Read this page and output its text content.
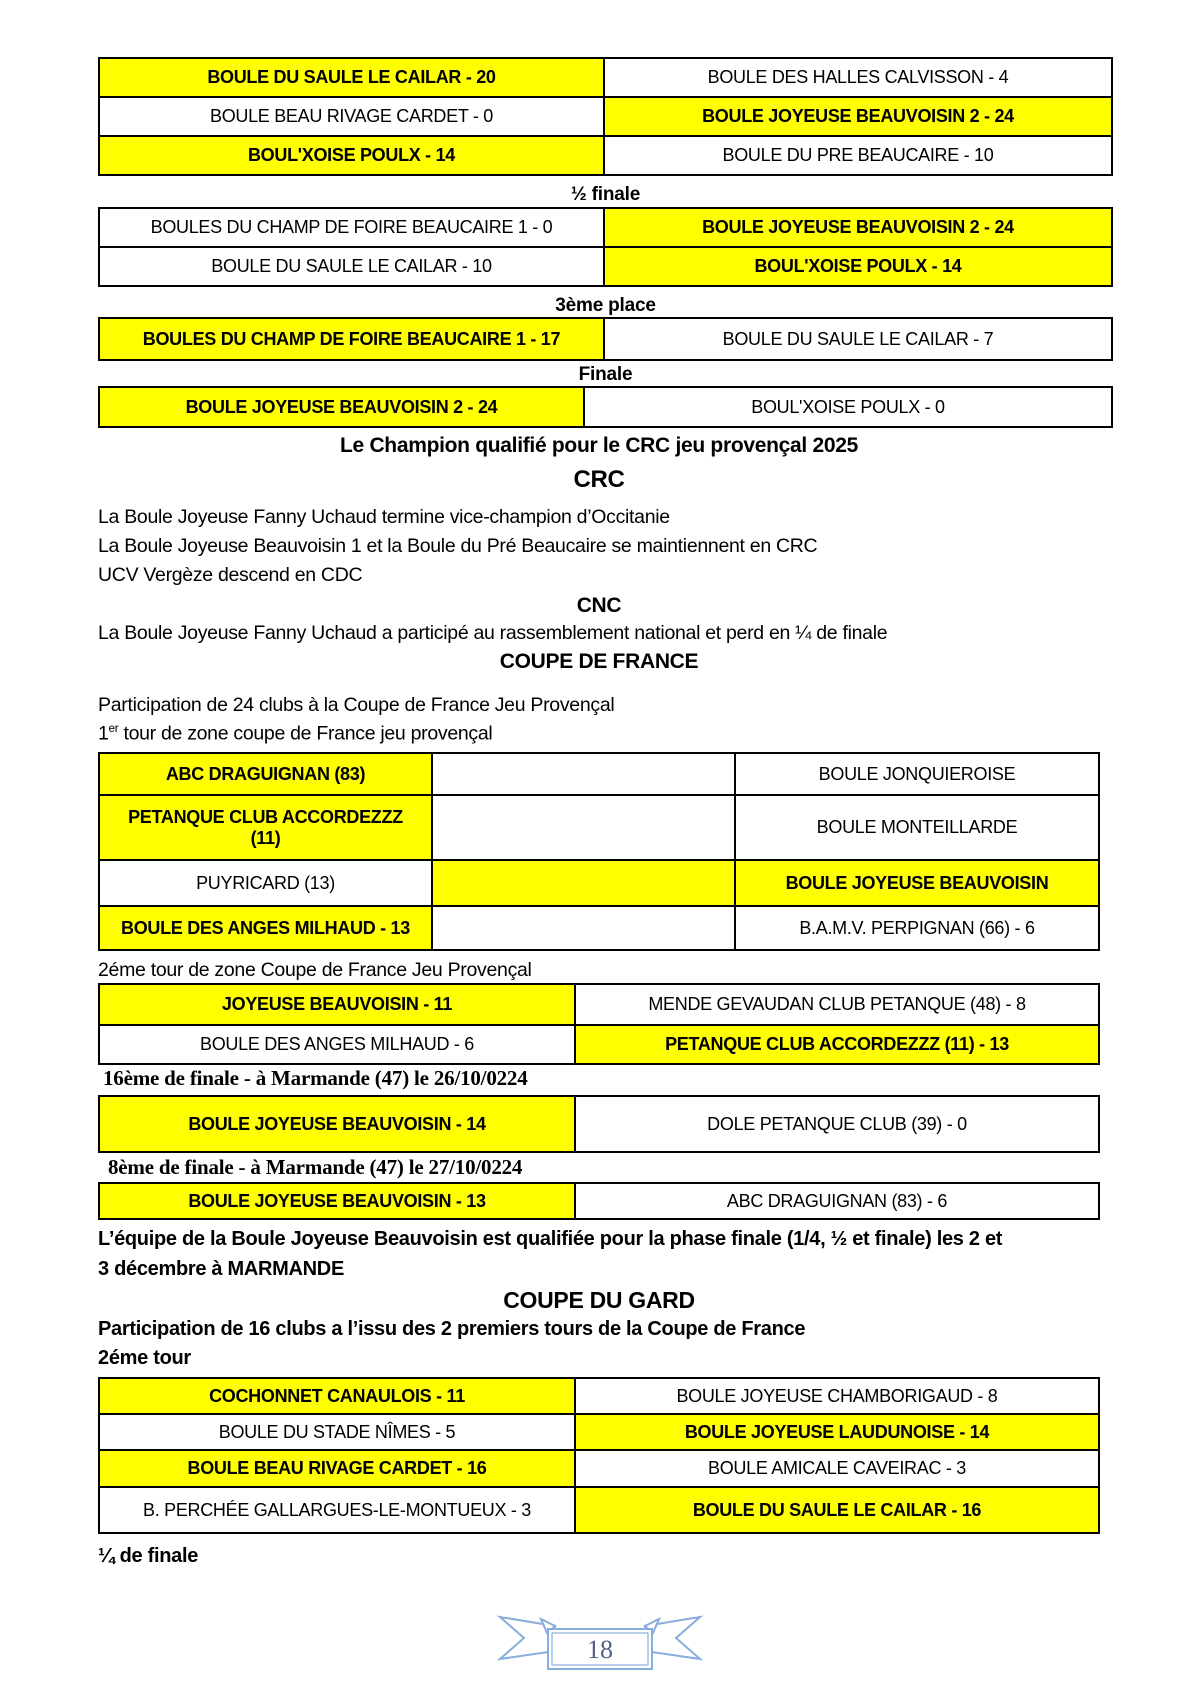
BOULE DU SAULE LE CAILAR - 20	BOULE DES HALLES CALVISSON - 4
BOULE BEAU RIVAGE CARDET - 0	BOULE JOYEUSE BEAUVOISIN 2 - 24
BOUL'XOISE POULX - 14	BOULE DU PRE BEAUCAIRE - 10
½ finale
BOULES DU CHAMP DE FOIRE BEAUCAIRE 1 - 0	BOULE JOYEUSE BEAUVOISIN 2 - 24
BOULE DU SAULE LE CAILAR - 10	BOUL'XOISE POULX - 14
3ème place
BOULES DU CHAMP DE FOIRE BEAUCAIRE 1 - 17	BOULE DU SAULE LE CAILAR - 7
Finale
BOULE JOYEUSE BEAUVOISIN 2 - 24	BOUL'XOISE POULX - 0
Le Champion qualifié pour le CRC jeu provençal 2025
CRC
La Boule Joyeuse Fanny Uchaud termine vice-champion d’Occitanie
La Boule Joyeuse Beauvoisin 1 et la Boule du Pré Beaucaire se maintiennent en CRC
UCV Vergèze descend en CDC
CNC
La Boule Joyeuse Fanny Uchaud a participé au rassemblement national et perd en ¼ de finale
COUPE DE FRANCE
Participation de 24 clubs à la Coupe de France Jeu Provençal
1er tour de zone coupe de France jeu provençal
ABC DRAGUIGNAN (83)		BOULE JONQUIEROISE

PETANQUE CLUB ACCORDEZZZ
(11)		BOULE MONTEILLARDE
PUYRICARD (13)		BOULE JOYEUSE BEAUVOISIN
BOULE DES ANGES MILHAUD - 13		B.A.M.V. PERPIGNAN (66) - 6
2éme tour de zone Coupe de France Jeu Provençal
JOYEUSE BEAUVOISIN - 11	MENDE GEVAUDAN CLUB PETANQUE (48) - 8
BOULE DES ANGES MILHAUD - 6	PETANQUE CLUB ACCORDEZZZ (11) - 13
16ème de finale - à Marmande (47) le 26/10/0224
BOULE JOYEUSE BEAUVOISIN - 14	DOLE PETANQUE CLUB (39) - 0
8ème de finale - à Marmande (47) le 27/10/0224
BOULE JOYEUSE BEAUVOISIN - 13	ABC DRAGUIGNAN (83) - 6
L’équipe de la Boule Joyeuse Beauvoisin est qualifiée pour la phase finale (1/4, ½ et finale) les 2 et
3 décembre à MARMANDE
COUPE DU GARD
Participation de 16 clubs a l’issu des 2 premiers tours de la Coupe de France
2éme tour
COCHONNET CANAULOIS - 11	BOULE JOYEUSE CHAMBORIGAUD - 8
BOULE DU STADE NÎMES - 5	BOULE JOYEUSE LAUDUNOISE - 14
BOULE BEAU RIVAGE CARDET - 16	BOULE AMICALE CAVEIRAC - 3
B. PERCHÉE GALLARGUES-LE-MONTUEUX - 3	BOULE DU SAULE LE CAILAR - 16
¼ de finale
18
